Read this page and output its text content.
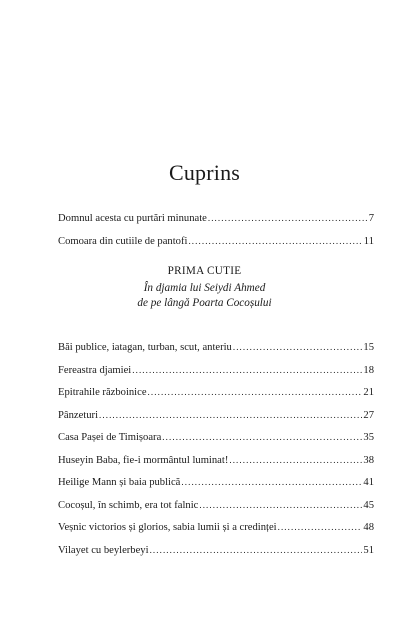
Cuprins
Domnul acesta cu purtări minunate .....	7
Comoara din cutiile de pantofi .....	11
PRIMA CUTIE
În djamia lui Seiydi Ahmed
de pe lângă Poarta Cocoșului
Băi publice, iatagan, turban, scut, anteriu .....	15
Fereastra djamiei .....	18
Epitrahile războinice .....	21
Pânzeturi .....	27
Casa Pașei de Timișoara .....	35
Huseyin Baba, fie-i mormântul luminat! .....	38
Heilige Mann și baia publică .....	41
Cocoșul, în schimb, era tot falnic .....	45
Veșnic victorios și glorios, sabia lumii și a credinței .....	48
Vilayet cu beylerbeyi .....	51
